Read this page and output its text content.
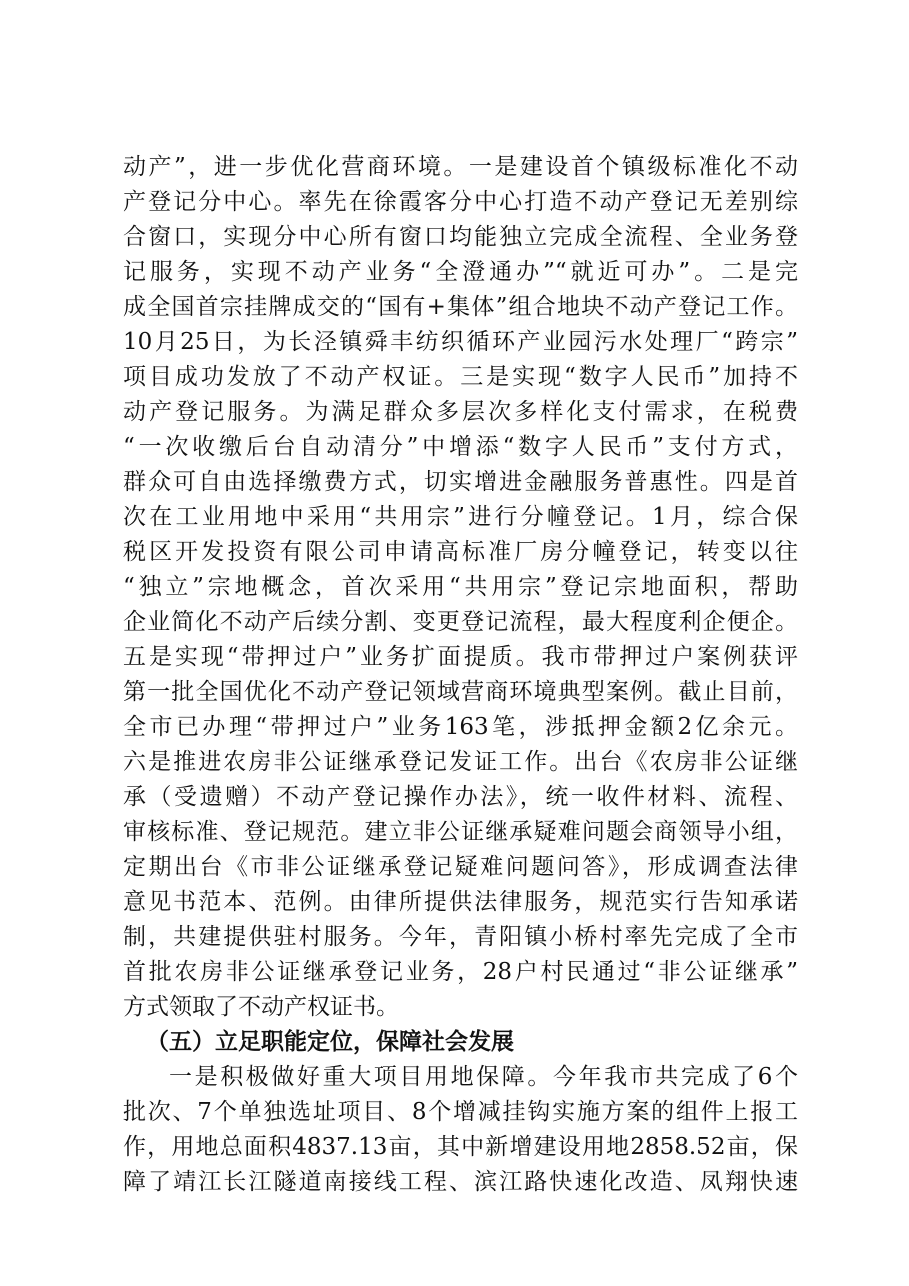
动产”，进一步优化营商环境。一是建设首个镇级标准化不动
产登记分中心。率先在徐霞客分中心打造不动产登记无差别综
合窗口，实现分中心所有窗口均能独立完成全流程、全业务登
记服务，实现不动产业务“全澄通办”“就近可办”。二是完
成全国首宗挂牌成交的“国有+集体”组合地块不动产登记工作。
10月25日，为长泾镇舜丰纺织循环产业园污水处理厂“跨宗”
项目成功发放了不动产权证。三是实现“数字人民币”加持不
动产登记服务。为满足群众多层次多样化支付需求，在税费
“一次收缴后台自动清分”中增添“数字人民币”支付方式，
群众可自由选择缴费方式，切实增进金融服务普惠性。四是首
次在工业用地中采用“共用宗”进行分幢登记。1月，综合保
税区开发投资有限公司申请高标准厂房分幢登记，转变以往
“独立”宗地概念，首次采用“共用宗”登记宗地面积，帮助
企业简化不动产后续分割、变更登记流程，最大程度利企便企。
五是实现“带押过户”业务扩面提质。我市带押过户案例获评
第一批全国优化不动产登记领域营商环境典型案例。截止目前，
全市已办理“带押过户”业务163笔，涉抵押金额2亿余元。
六是推进农房非公证继承登记发证工作。出台《农房非公证继
承（受遗赠）不动产登记操作办法》，统一收件材料、流程、
审核标准、登记规范。建立非公证继承疑难问题会商领导小组，
定期出台《市非公证继承登记疑难问题问答》，形成调查法律
意见书范本、范例。由律所提供法律服务，规范实行告知承诺
制，共建提供驻村服务。今年，青阳镇小桥村率先完成了全市
首批农房非公证继承登记业务，28户村民通过“非公证继承”
方式领取了不动产权证书。
（五）立足职能定位，保障社会发展
一是积极做好重大项目用地保障。今年我市共完成了6个
批次、7个单独选址项目、8个增减挂钩实施方案的组件上报工
作，用地总面积4837.13亩，其中新增建设用地2858.52亩，保
障了靖江长江隧道南接线工程、滨江路快速化改造、凤翔快速
